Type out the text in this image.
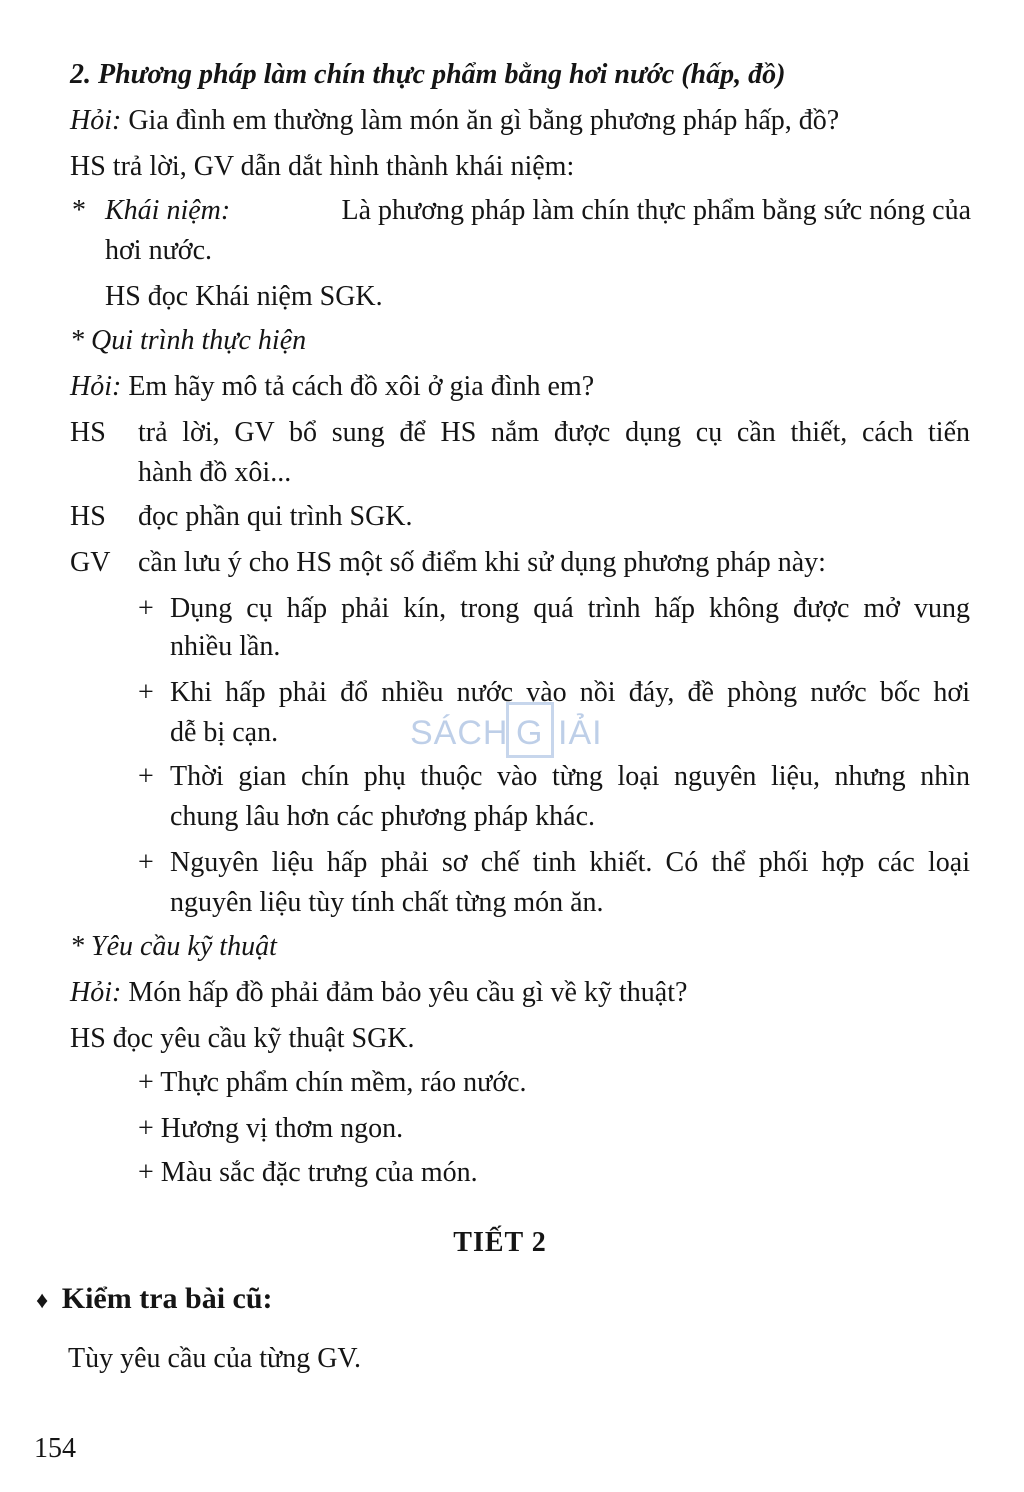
2. Phương pháp làm chín thực phẩm bằng hơi nước (hấp, đồ)
Hỏi: Gia đình em thường làm món ăn gì bằng phương pháp hấp, đồ?
HS trả lời, GV dẫn dắt hình thành khái niệm:
* Khái niệm:	Là phương pháp làm chín thực phẩm bằng sức nóng của
hơi nước.
HS đọc Khái niệm SGK.
* Qui trình thực hiện
Hỏi: Em hãy mô tả cách đồ xôi ở gia đình em?
HS trả lời, GV bổ sung để HS nắm được dụng cụ cần thiết, cách tiến
hành đồ xôi...
HS đọc phần qui trình SGK.
GV cần lưu ý cho HS một số điểm khi sử dụng phương pháp này:
+ Dụng cụ hấp phải kín, trong quá trình hấp không được mở vung
nhiều lần.
+ Khi hấp phải đổ nhiều nước vào nồi đáy, đề phòng nước bốc hơi
dễ bị cạn.
+ Thời gian chín phụ thuộc vào từng loại nguyên liệu, nhưng nhìn
chung lâu hơn các phương pháp khác.
+ Nguyên liệu hấp phải sơ chế tinh khiết. Có thể phối hợp các loại
nguyên liệu tùy tính chất từng món ăn.
* Yêu cầu kỹ thuật
Hỏi: Món hấp đồ phải đảm bảo yêu cầu gì về kỹ thuật?
HS đọc yêu cầu kỹ thuật SGK.
+ Thực phẩm chín mềm, ráo nước.
+ Hương vị thơm ngon.
+ Màu sắc đặc trưng của món.
TIẾT 2
♦ Kiểm tra bài cũ:
Tùy yêu cầu của từng GV.
154
SÁCH G IẢI
